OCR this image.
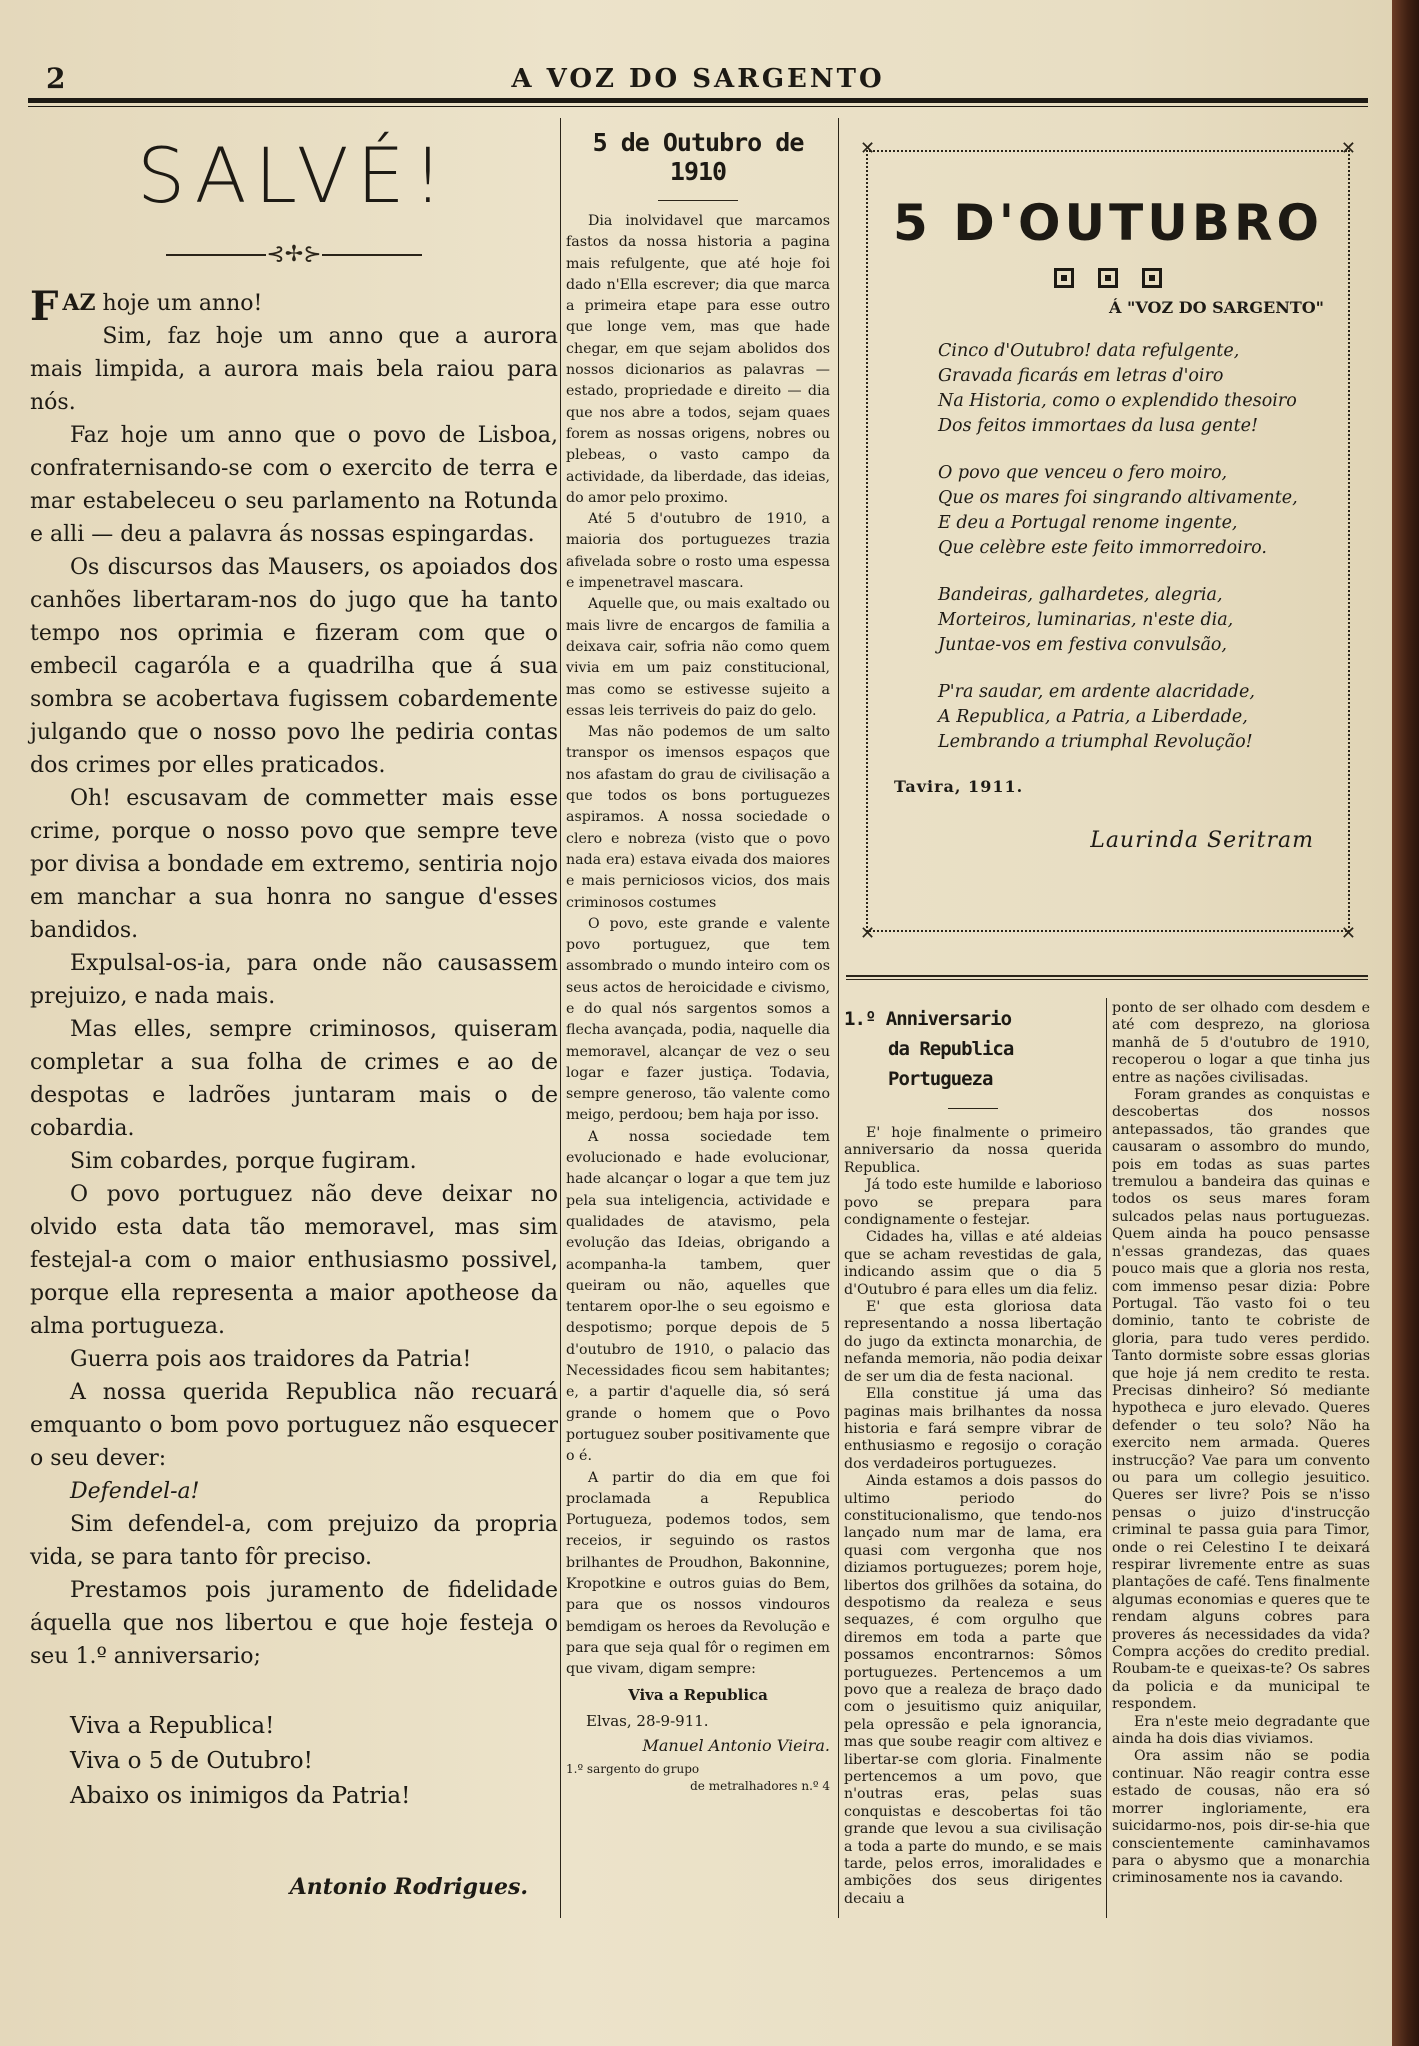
2	A VOZ DO SARGENTO
SALVÉ!
⊰✢⊱

FAZ hoje um anno!

Sim, faz hoje um anno que a aurora mais limpida, a aurora mais bela raiou para nós.

Faz hoje um anno que o povo de Lisboa, confraternisando-se com o exercito de terra e mar estabeleceu o seu parlamento na Rotunda e alli — deu a palavra ás nossas espingardas.

Os discursos das Mausers, os apoiados dos canhões libertaram-nos do jugo que ha tanto tempo nos oprimia e fizeram com que o embecil cagaróla e a quadrilha que á sua sombra se acobertava fugissem cobardemente julgando que o nosso povo lhe pediria contas dos crimes por elles praticados.

Oh! escusavam de commetter mais esse crime, porque o nosso povo que sempre teve por divisa a bondade em extremo, sentiria nojo em manchar a sua honra no sangue d'esses bandidos.

Expulsal-os-ia, para onde não causassem prejuizo, e nada mais.

Mas elles, sempre criminosos, quiseram completar a sua folha de crimes e ao de despotas e ladrões juntaram mais o de cobardia.

Sim cobardes, porque fugiram.

O povo portuguez não deve deixar no olvido esta data tão memoravel, mas sim festejal-a com o maior enthusiasmo possivel, porque ella representa a maior apotheose da alma portugueza.

Guerra pois aos traidores da Patria!

A nossa querida Republica não recuará emquanto o bom povo portuguez não esquecer o seu dever:

Defendel-a!

Sim defendel-a, com prejuizo da propria vida, se para tanto fôr preciso.

Prestamos pois juramento de fidelidade áquella que nos libertou e que hoje festeja o seu 1.º anniversario;

Viva a Republica!
Viva o 5 de Outubro!
Abaixo os inimigos da Patria!
Antonio Rodrigues.
5 de Outubro de 1910

Dia inolvidavel que marcamos fastos da nossa historia a pagina mais refulgente, que até hoje foi dado n'Ella escrever; dia que marca a primeira etape para esse outro que longe vem, mas que hade chegar, em que sejam abolidos dos nossos dicionarios as palavras — estado, propriedade e direito — dia que nos abre a todos, sejam quaes forem as nossas origens, nobres ou plebeas, o vasto campo da actividade, da liberdade, das ideias, do amor pelo proximo.

Até 5 d'outubro de 1910, a maioria dos portuguezes trazia afivelada sobre o rosto uma espessa e impenetravel mascara.

Aquelle que, ou mais exaltado ou mais livre de encargos de familia a deixava cair, sofria não como quem vivia em um paiz constitucional, mas como se estivesse sujeito a essas leis terriveis do paiz do gelo.

Mas não podemos de um salto transpor os imensos espaços que nos afastam do grau de civilisação a que todos os bons portuguezes aspiramos. A nossa sociedade o clero e nobreza (visto que o povo nada era) estava eivada dos maiores e mais perniciosos vicios, dos mais criminosos costumes

O povo, este grande e valente povo portuguez, que tem assombrado o mundo inteiro com os seus actos de heroicidade e civismo, e do qual nós sargentos somos a flecha avançada, podia, naquelle dia memoravel, alcançar de vez o seu logar e fazer justiça. Todavia, sempre generoso, tão valente como meigo, perdoou; bem haja por isso.

A nossa sociedade tem evolucionado e hade evolucionar, hade alcançar o logar a que tem juz pela sua inteligencia, actividade e qualidades de atavismo, pela evolução das Ideias, obrigando a acompanha-la tambem, quer queiram ou não, aquelles que tentarem opor-lhe o seu egoismo e despotismo; porque depois de 5 d'outubro de 1910, o palacio das Necessidades ficou sem habitantes; e, a partir d'aquelle dia, só será grande o homem que o Povo portuguez souber positivamente que o é.

A partir do dia em que foi proclamada a Republica Portugueza, podemos todos, sem receios, ir seguindo os rastos brilhantes de Proudhon, Bakonnine, Kropotkine e outros guias do Bem, para que os nossos vindouros bemdigam os heroes da Revolução e para que seja qual fôr o regimen em que vivam, digam sempre:

Viva a Republica
Elvas, 28-9-911.
Manuel Antonio Vieira.
1.º sargento do grupo
de metralhadores n.º 4
✕	✕
✕	✕
5 D'OUTUBRO
Á "VOZ DO SARGENTO"
Cinco d'Outubro! data refulgente,
Gravada ficarás em letras d'oiro
Na Historia, como o explendido thesoiro
Dos feitos immortaes da lusa gente!
O povo que venceu o fero moiro,
Que os mares foi singrando altivamente,
E deu a Portugal renome ingente,
Que celèbre este feito immorredoiro.
Bandeiras, galhardetes, alegria,
Morteiros, luminarias, n'este dia,
Juntae-vos em festiva convulsão,
P'ra saudar, em ardente alacridade,
A Republica, a Patria, a Liberdade,
Lembrando a triumphal Revolução!
Tavira, 1911.
Laurinda Seritram
1.º Anniversario
da Republica Portugueza

E' hoje finalmente o primeiro anniversario da nossa querida Republica.

Já todo este humilde e laborioso povo se prepara para condignamente o festejar.

Cidades ha, villas e até aldeias que se acham revestidas de gala, indicando assim que o dia 5 d'Outubro é para elles um dia feliz.

E' que esta gloriosa data representando a nossa libertação do jugo da extincta monarchia, de nefanda memoria, não podia deixar de ser um dia de festa nacional.

Ella constitue já uma das paginas mais brilhantes da nossa historia e fará sempre vibrar de enthusiasmo e regosijo o coração dos verdadeiros portuguezes.

Ainda estamos a dois passos do ultimo periodo do constitucionalismo, que tendo-nos lançado num mar de lama, era quasi com vergonha que nos diziamos portuguezes; porem hoje, libertos dos grilhões da sotaina, do despotismo da realeza e seus sequazes, é com orgulho que diremos em toda a parte que possamos encontrarnos: Sômos portuguezes. Pertencemos a um povo que a realeza de braço dado com o jesuitismo quiz aniquilar, pela opressão e pela ignorancia, mas que soube reagir com altivez e libertar-se com gloria. Finalmente pertencemos a um povo, que n'outras eras, pelas suas conquistas e descobertas foi tão grande que levou a sua civilisação a toda a parte do mundo, e se mais tarde, pelos erros, imoralidades e ambições dos seus dirigentes decaiu a

ponto de ser olhado com desdem e até com desprezo, na gloriosa manhã de 5 d'outubro de 1910, recoperou o logar a que tinha jus entre as nações civilisadas.

Foram grandes as conquistas e descobertas dos nossos antepassados, tão grandes que causaram o assombro do mundo, pois em todas as suas partes tremulou a bandeira das quinas e todos os seus mares foram sulcados pelas naus portuguezas. Quem ainda ha pouco pensasse n'essas grandezas, das quaes pouco mais que a gloria nos resta, com immenso pesar dizia: Pobre Portugal. Tão vasto foi o teu dominio, tanto te cobriste de gloria, para tudo veres perdido. Tanto dormiste sobre essas glorias que hoje já nem credito te resta. Precisas dinheiro? Só mediante hypotheca e juro elevado. Queres defender o teu solo? Não ha exercito nem armada. Queres instrucção? Vae para um convento ou para um collegio jesuitico. Queres ser livre? Pois se n'isso pensas o juizo d'instrucção criminal te passa guia para Timor, onde o rei Celestino I te deixará respirar livremente entre as suas plantações de café. Tens finalmente algumas economias e queres que te rendam alguns cobres para proveres ás necessidades da vida? Compra acções do credito predial. Roubam-te e queixas-te? Os sabres da policia e da municipal te respondem.

Era n'este meio degradante que ainda ha dois dias viviamos.

Ora assim não se podia continuar. Não reagir contra esse estado de cousas, não era só morrer ingloriamente, era suicidarmo-nos, pois dir-se-hia que conscientemente caminhavamos para o abysmo que a monarchia criminosamente nos ia cavando.
